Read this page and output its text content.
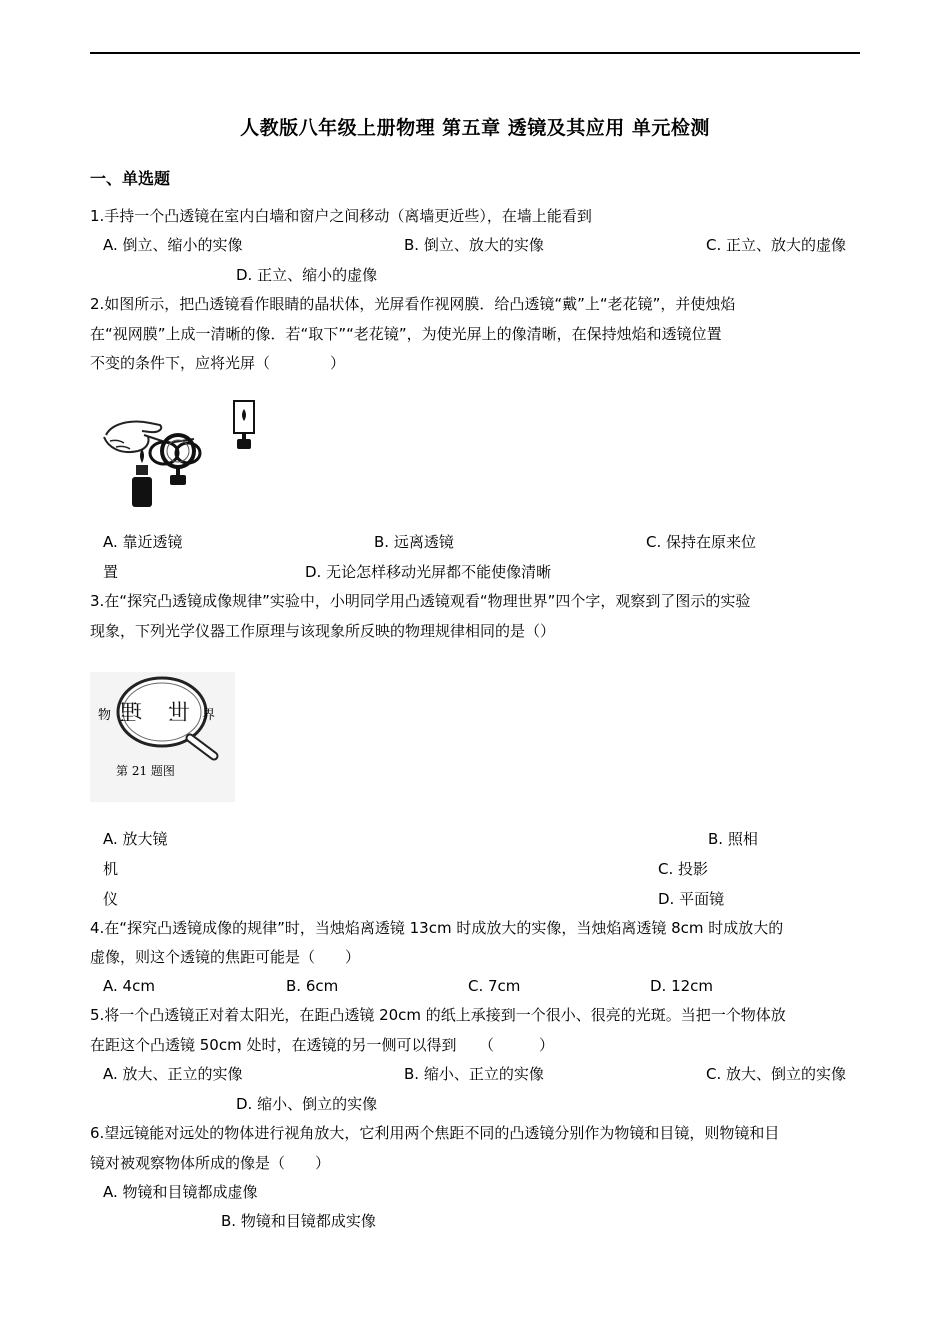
人教版八年级上册物理 第五章 透镜及其应用 单元检测
一、单选题
1.手持一个凸透镜在室内白墙和窗户之间移动（离墙更近些），在墙上能看到
A. 倒立、缩小的实像	B. 倒立、放大的实像	C. 正立、放大的虚像
D. 正立、缩小的虚像
2.如图所示，把凸透镜看作眼睛的晶状体，光屏看作视网膜．给凸透镜“戴”上“老花镜”，并使烛焰
在“视网膜”上成一清晰的像．若“取下”“老花镜”，为使光屏上的像清晰，在保持烛焰和透镜位置
不变的条件下，应将光屏（　　　　）
A. 靠近透镜	B. 远离透镜	C. 保持在原来位
置	D. 无论怎样移动光屏都不能使像清晰
3.在“探究凸透镜成像规律”实验中，小明同学用凸透镜观看“物理世界”四个字，观察到了图示的实验
现象，下列光学仪器工作原理与该现象所反映的物理规律相同的是（）
理 世
物	界
第 21 题图
A. 放大镜	B. 照相
机	C. 投影
仪	D. 平面镜
4.在“探究凸透镜成像的规律”时，当烛焰离透镜 13cm 时成放大的实像，当烛焰离透镜 8cm 时成放大的
虚像，则这个透镜的焦距可能是（　　）
A. 4cm	B. 6cm	C. 7cm	D. 12cm
5.将一个凸透镜正对着太阳光，在距凸透镜 20cm 的纸上承接到一个很小、很亮的光斑。当把一个物体放
在距这个凸透镜 50cm 处时，在透镜的另一侧可以得到　　（　　　）
A. 放大、正立的实像	B. 缩小、正立的实像	C. 放大、倒立的实像
D. 缩小、倒立的实像
6.望远镜能对远处的物体进行视角放大，它利用两个焦距不同的凸透镜分别作为物镜和目镜，则物镜和目
镜对被观察物体所成的像是（　　）
A. 物镜和目镜都成虚像
B. 物镜和目镜都成实像
